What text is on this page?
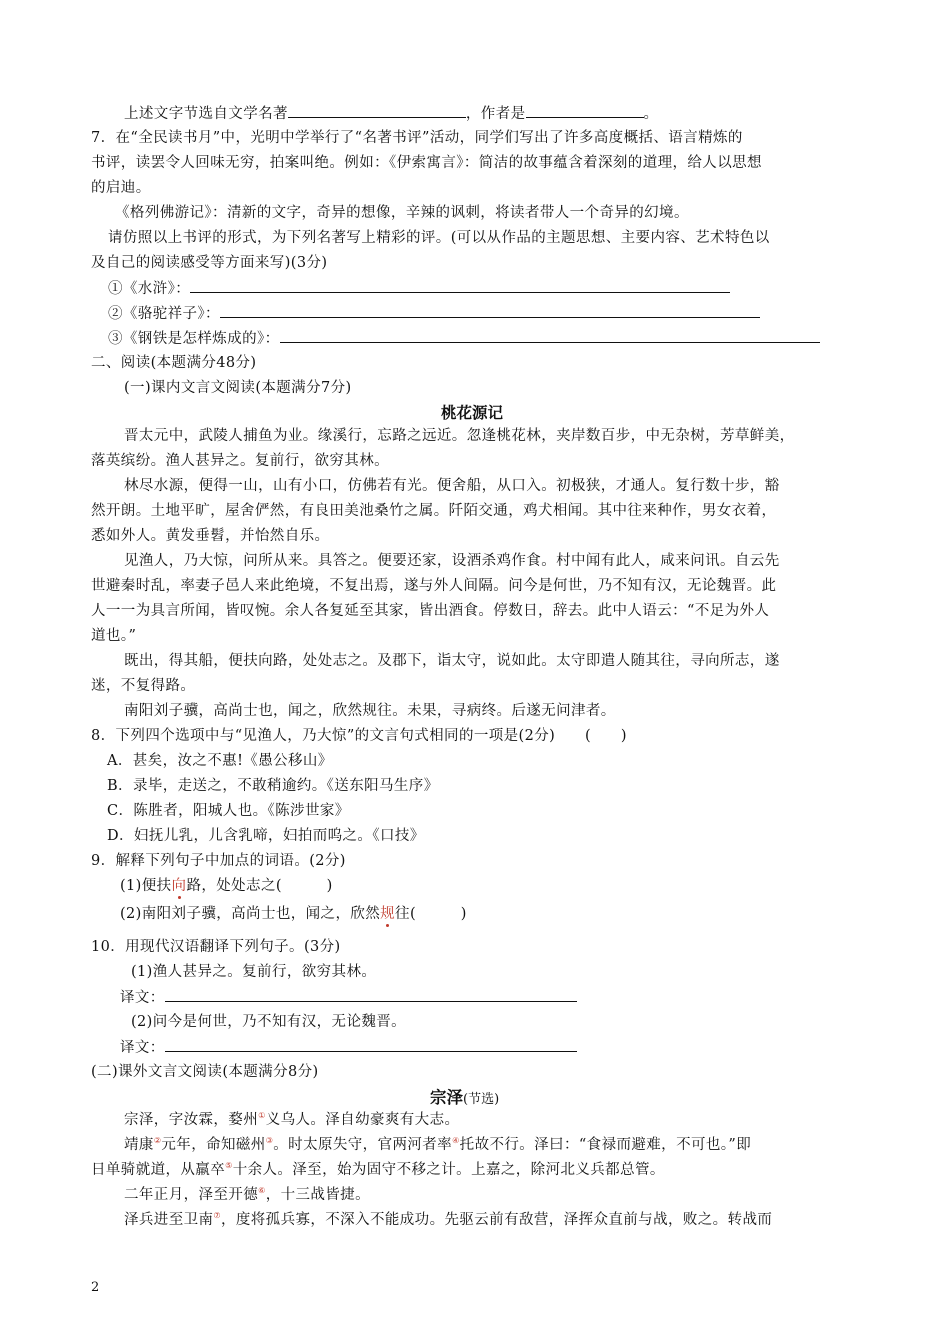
上述文字节选自文学名著	，作者是	。
7．在“全民读书月”中，光明中学举行了“名著书评”活动，同学们写出了许多高度概括、语言精炼的
书评，读罢令人回味无穷，拍案叫绝。例如：《伊索寓言》：简洁的故事蕴含着深刻的道理，给人以思想
的启迪。
《格列佛游记》：清新的文字，奇异的想像，辛辣的讽刺，将读者带人一个奇异的幻境。
请仿照以上书评的形式，为下列名著写上精彩的评。(可以从作品的主题思想、主要内容、艺术特色以
及自己的阅读感受等方面来写)(3分)
①《水浒》：
②《骆驼祥子》：
③《钢铁是怎样炼成的》：
二、阅读(本题满分48分)
(一)课内文言文阅读(本题满分7分)
桃花源记
晋太元中，武陵人捕鱼为业。缘溪行，忘路之远近。忽逢桃花林，夹岸数百步，中无杂树，芳草鲜美，
落英缤纷。渔人甚异之。复前行，欲穷其林。
林尽水源，便得一山，山有小口，仿佛若有光。便舍船，从口入。初极狭，才通人。复行数十步，豁
然开朗。土地平旷，屋舍俨然，有良田美池桑竹之属。阡陌交通，鸡犬相闻。其中往来种作，男女衣着，
悉如外人。黄发垂髫，并怡然自乐。
见渔人，乃大惊，问所从来。具答之。便要还家，设酒杀鸡作食。村中闻有此人，咸来问讯。自云先
世避秦时乱，率妻子邑人来此绝境，不复出焉，遂与外人间隔。问今是何世，乃不知有汉，无论魏晋。此
人一一为具言所闻，皆叹惋。余人各复延至其家，皆出酒食。停数日，辞去。此中人语云：“不足为外人
道也。”
既出，得其船，便扶向路，处处志之。及郡下，诣太守，说如此。太守即遣人随其往，寻向所志，遂
迷，不复得路。
南阳刘子骥，高尚士也，闻之，欣然规往。未果，寻病终。后遂无问津者。
8．下列四个选项中与“见渔人，乃大惊”的文言句式相同的一项是(2分)　　(　　)
A．甚矣，汝之不惠!《愚公移山》
B．录毕，走送之，不敢稍逾约。《送东阳马生序》
C．陈胜者，阳城人也。《陈涉世家》
D．妇抚儿乳，儿含乳啼，妇拍而呜之。《口技》
9．解释下列句子中加点的词语。(2分)
(1)便扶向路，处处志之(　　　)
(2)南阳刘子骥，高尚士也，闻之，欣然规往(　　　)
10．用现代汉语翻译下列句子。(3分)
(1)渔人甚异之。复前行，欲穷其林。
译文：
(2)问今是何世，乃不知有汉，无论魏晋。
译文：
(二)课外文言文阅读(本题满分8分)
宗泽(节选)
宗泽，字汝霖，婺州①义乌人。泽自幼豪爽有大志。
靖康②元年，命知磁州③。时太原失守，官两河者率④托故不行。泽曰：“食禄而避难，不可也。”即
日单骑就道，从羸卒⑤十余人。泽至，始为固守不移之计。上嘉之，除河北义兵都总管。
二年正月，泽至开德⑥，十三战皆捷。
泽兵进至卫南⑦，度将孤兵寡，不深入不能成功。先驱云前有敌营，泽挥众直前与战，败之。转战而
2
